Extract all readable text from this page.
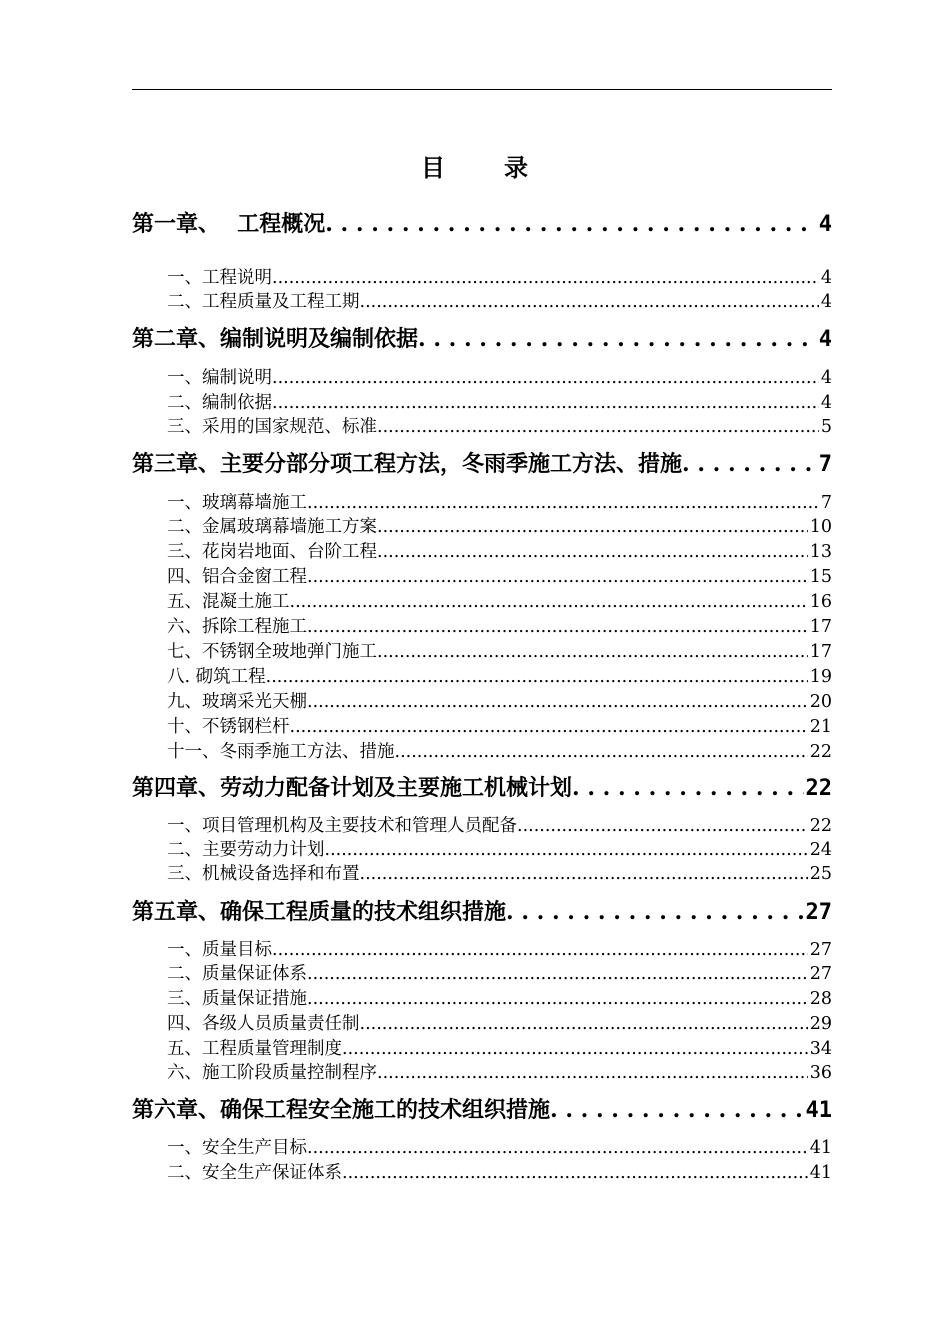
目 录
第一章、 工程概况 . . .	4
一、工程说明 .....	4
二、工程质量及工程工期 .....	4
第二章、编制说明及编制依据 . . .	4
一、编制说明 .....	4
二、编制依据 .....	4
三、采用的国家规范、标准 .....	5
第三章、主要分部分项工程方法，冬雨季施工方法、措施 . . .	7
一、玻璃幕墙施工 .....	7
二、金属玻璃幕墙施工方案 .....	10
三、花岗岩地面、台阶工程 .....	13
四、铝合金窗工程 .....	15
五、混凝土施工 .....	16
六、拆除工程施工 .....	17
七、不锈钢全玻地弹门施工 .....	17
八. 砌筑工程 .....	19
九、玻璃采光天棚 .....	20
十、不锈钢栏杆 .....	21
十一、冬雨季施工方法、措施 .....	22
第四章、劳动力配备计划及主要施工机械计划 . . .	22
一、项目管理机构及主要技术和管理人员配备 .....	22
二、主要劳动力计划 .....	24
三、机械设备选择和布置 .....	25
第五章、确保工程质量的技术组织措施 . . .	27
一、质量目标 .....	27
二、质量保证体系 .....	27
三、质量保证措施 .....	28
四、各级人员质量责任制 .....	29
五、工程质量管理制度 .....	34
六、施工阶段质量控制程序 .....	36
第六章、确保工程安全施工的技术组织措施 . . .	41
一、安全生产目标 .....	41
二、安全生产保证体系 .....	41
